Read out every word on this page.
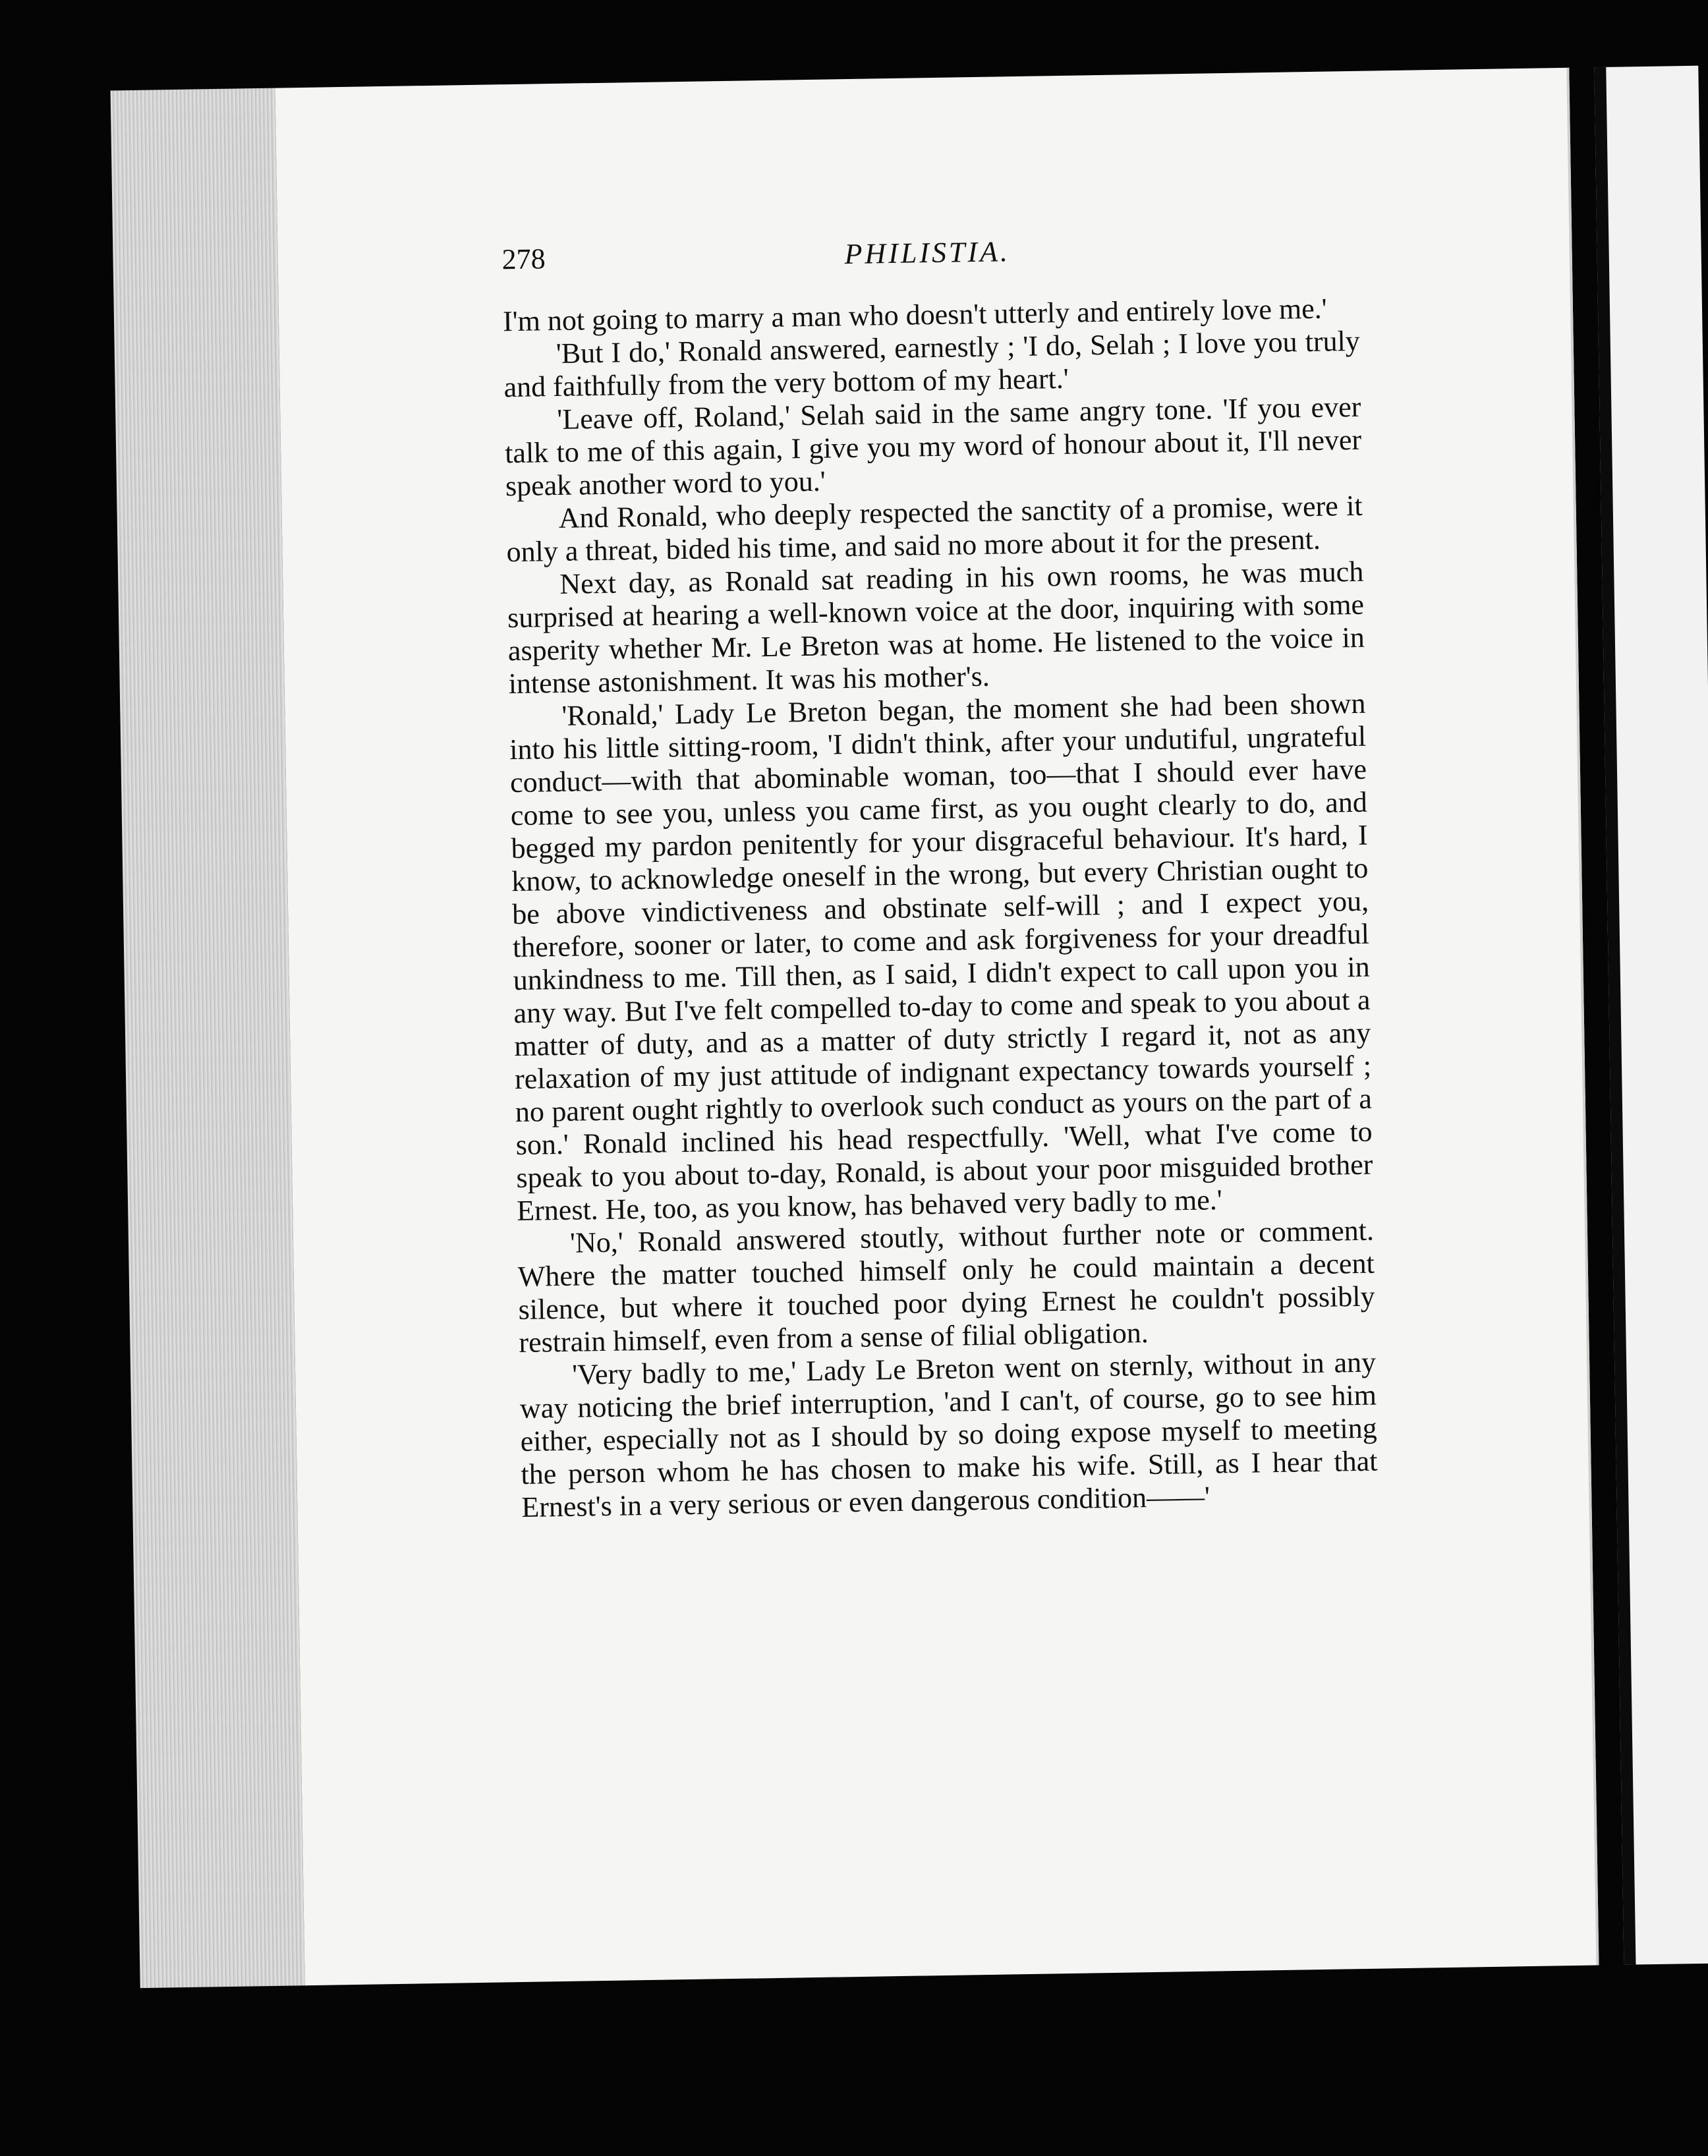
278	PHILISTIA.

I'm not going to marry a man who doesn't utterly and entirely love me.'

'But I do,' Ronald answered, earnestly ; 'I do, Selah ; I love you truly and faithfully from the very bottom of my heart.'

'Leave off, Roland,' Selah said in the same angry tone. 'If you ever talk to me of this again, I give you my word of honour about it, I'll never speak another word to you.'

And Ronald, who deeply respected the sanctity of a promise, were it only a threat, bided his time, and said no more about it for the present.

Next day, as Ronald sat reading in his own rooms, he was much surprised at hearing a well-known voice at the door, inquiring with some asperity whether Mr. Le Breton was at home. He listened to the voice in intense astonishment. It was his mother's.

'Ronald,' Lady Le Breton began, the moment she had been shown into his little sitting-room, 'I didn't think, after your undutiful, ungrateful conduct—with that abominable woman, too—that I should ever have come to see you, unless you came first, as you ought clearly to do, and begged my pardon penitently for your disgraceful behaviour. It's hard, I know, to acknowledge oneself in the wrong, but every Christian ought to be above vindictiveness and obstinate self-will ; and I expect you, therefore, sooner or later, to come and ask forgiveness for your dreadful unkindness to me. Till then, as I said, I didn't expect to call upon you in any way. But I've felt compelled to-day to come and speak to you about a matter of duty, and as a matter of duty strictly I regard it, not as any relaxation of my just attitude of indignant expectancy towards yourself ; no parent ought rightly to overlook such conduct as yours on the part of a son.' Ronald inclined his head respectfully. 'Well, what I've come to speak to you about to-day, Ronald, is about your poor misguided brother Ernest. He, too, as you know, has behaved very badly to me.'

'No,' Ronald answered stoutly, without further note or comment. Where the matter touched himself only he could maintain a decent silence, but where it touched poor dying Ernest he couldn't possibly restrain himself, even from a sense of filial obligation.

'Very badly to me,' Lady Le Breton went on sternly, without in any way noticing the brief interruption, 'and I can't, of course, go to see him either, especially not as I should by so doing expose myself to meeting the person whom he has chosen to make his wife. Still, as I hear that Ernest's in a very serious or even dangerous condition——'
